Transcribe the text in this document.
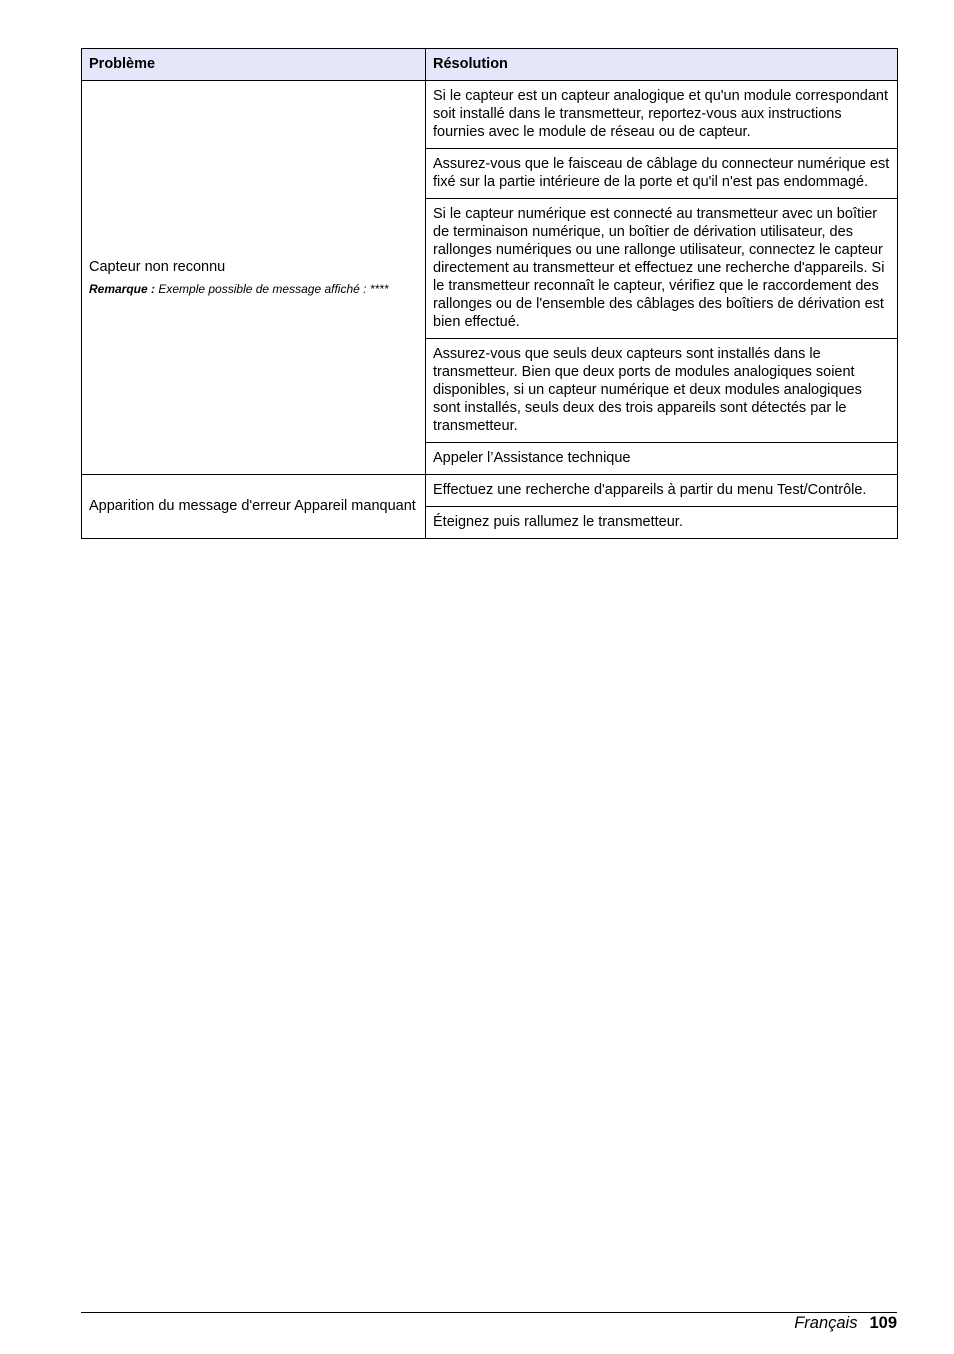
Problème	Résolution
Capteur non reconnu
Remarque : Exemple possible de message affiché : ****	Si le capteur est un capteur analogique et qu'un module correspondant soit installé dans le transmetteur, reportez-vous aux instructions fournies avec le module de réseau ou de capteur.
	Assurez-vous que le faisceau de câblage du connecteur numérique est fixé sur la partie intérieure de la porte et qu'il n'est pas endommagé.
	Si le capteur numérique est connecté au transmetteur avec un boîtier de terminaison numérique, un boîtier de dérivation utilisateur, des rallonges numériques ou une rallonge utilisateur, connectez le capteur directement au transmetteur et effectuez une recherche d'appareils. Si le transmetteur reconnaît le capteur, vérifiez que le raccordement des rallonges ou de l'ensemble des câblages des boîtiers de dérivation est bien effectué.
	Assurez-vous que seuls deux capteurs sont installés dans le transmetteur. Bien que deux ports de modules analogiques soient disponibles, si un capteur numérique et deux modules analogiques sont installés, seuls deux des trois appareils sont détectés par le transmetteur.
	Appeler l’Assistance technique
Apparition du message d'erreur Appareil manquant	Effectuez une recherche d'appareils à partir du menu Test/Contrôle.
	Éteignez puis rallumez le transmetteur.
Français 109
